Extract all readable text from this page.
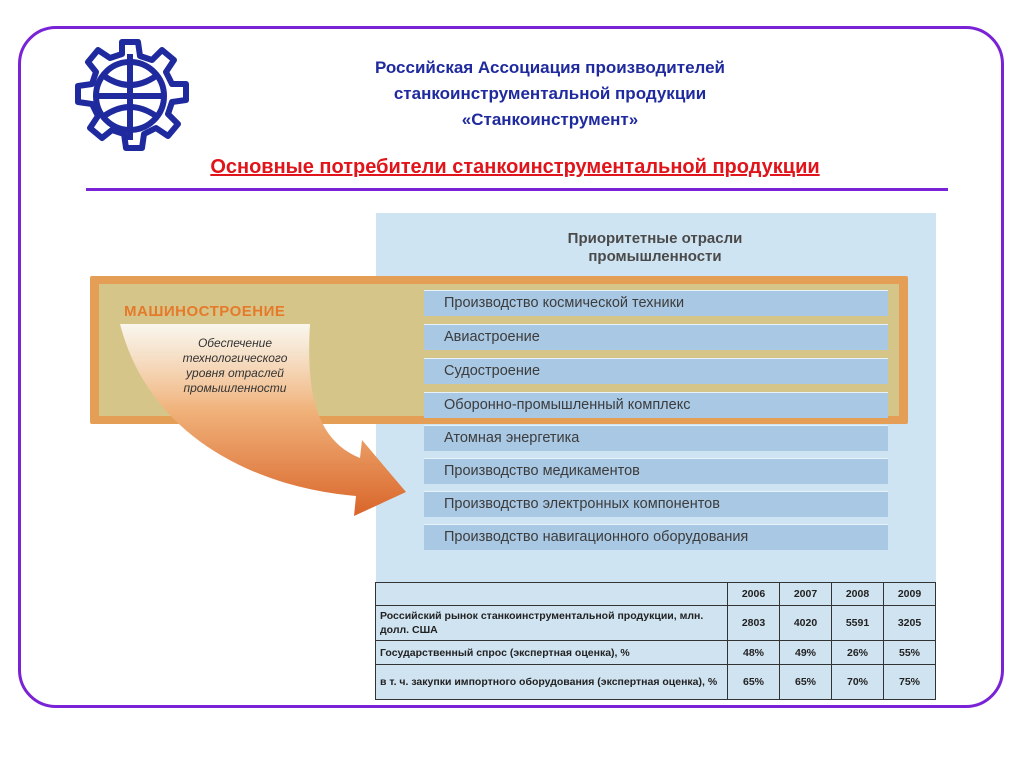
Российская Ассоциация производителей
станкоинструментальной продукции
«Станкоинструмент»
Основные потребители станкоинструментальной продукции
Приоритетные отрасли
промышленности
МАШИНОСТРОЕНИЕ
Обеспечение
технологического
уровня отраслей
промышленности
Производство космической техники
Авиастроение
Судостроение
Оборонно-промышленный комплекс
Атомная энергетика
Производство медикаментов
Производство электронных компонентов
Производство навигационного оборудования
	2006	2007	2008	2009
Российский рынок станкоинструментальной продукции, млн. долл. США	2803	4020	5591	3205
Государственный спрос (экспертная оценка), %	48%	49%	26%	55%
в т. ч. закупки импортного оборудования (экспертная оценка), %	65%	65%	70%	75%
